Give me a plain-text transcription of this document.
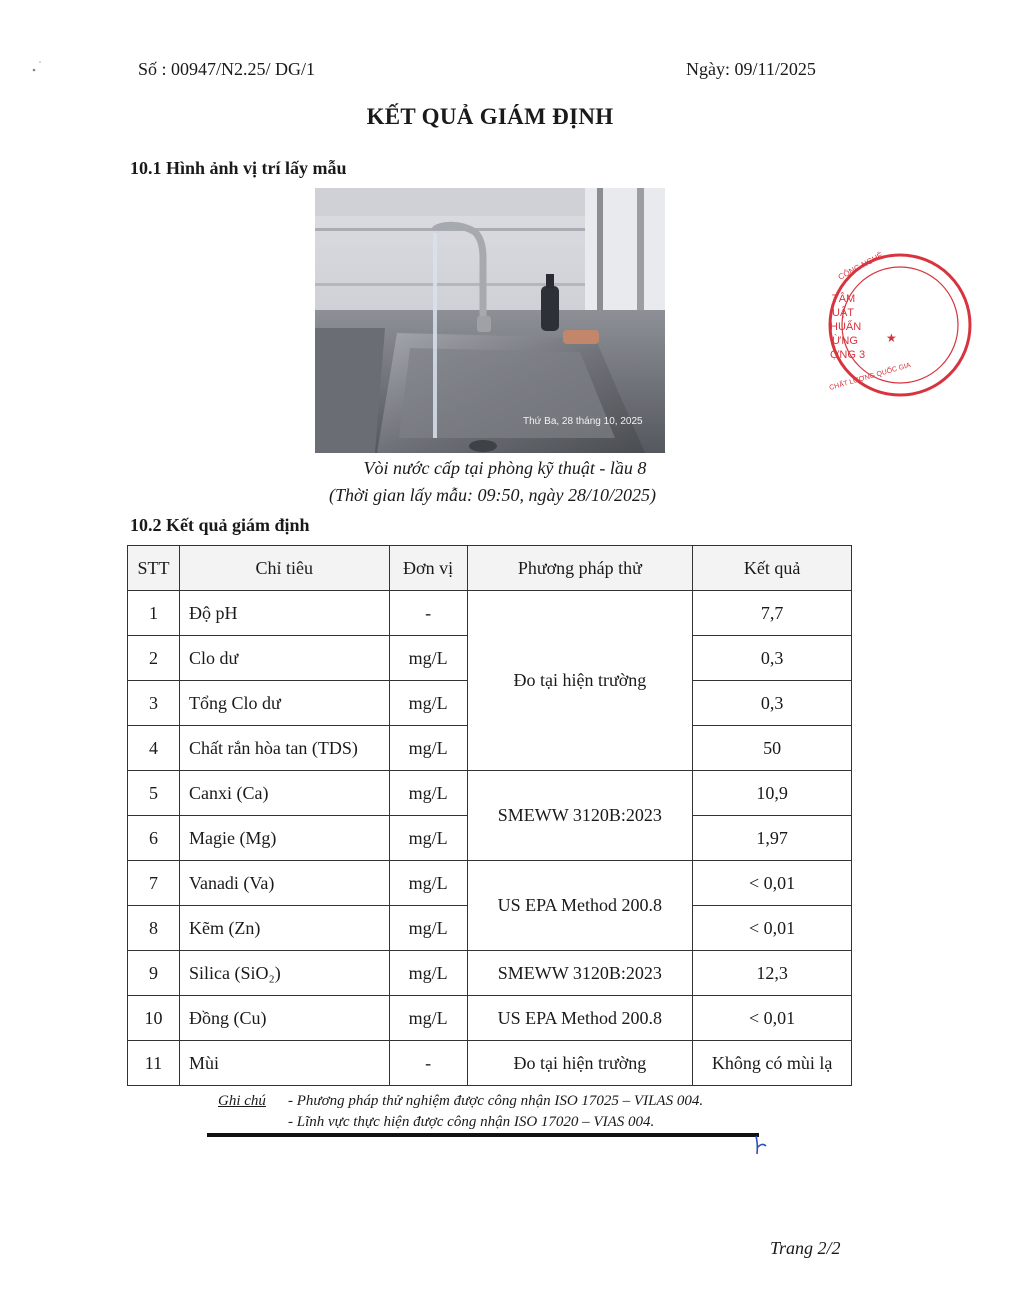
Số : 00947/N2.25/ DG/1	Ngày: 09/11/2025
KẾT QUẢ GIÁM ĐỊNH
10.1 Hình ảnh vị trí lấy mẫu
Thứ Ba, 28 tháng 10, 2025
Vòi nước cấp tại phòng kỹ thuật - lầu 8
(Thời gian lấy mẫu: 09:50, ngày 28/10/2025)
10.2 Kết quả giám định
STT	Chỉ tiêu	Đơn vị	Phương pháp thử	Kết quả
1	Độ pH	-	Đo tại hiện trường	7,7
2	Clo dư	mg/L		0,3
3	Tổng Clo dư	mg/L		0,3
4	Chất rắn hòa tan (TDS)	mg/L		50
5	Canxi (Ca)	mg/L	SMEWW 3120B:2023	10,9
6	Magie (Mg)	mg/L		1,97
7	Vanadi (Va)	mg/L	US EPA Method 200.8	< 0,01
8	Kẽm (Zn)	mg/L		< 0,01
9	Silica (SiO₂)	mg/L	SMEWW 3120B:2023	12,3
10	Đồng (Cu)	mg/L	US EPA Method 200.8	< 0,01
11	Mùi	-	Đo tại hiện trường	Không có mùi lạ
Ghi chú - Phương pháp thử nghiệm được công nhận ISO 17025 – VILAS 004.
- Lĩnh vực thực hiện được công nhận ISO 17020 – VIAS 004.
CÔNG NGHỆ
CHẤT LƯỢNG QUỐC GIA
TÂM
UẬT
HUẨN
ỪNG
ỢNG 3
★
Trang 2/2
